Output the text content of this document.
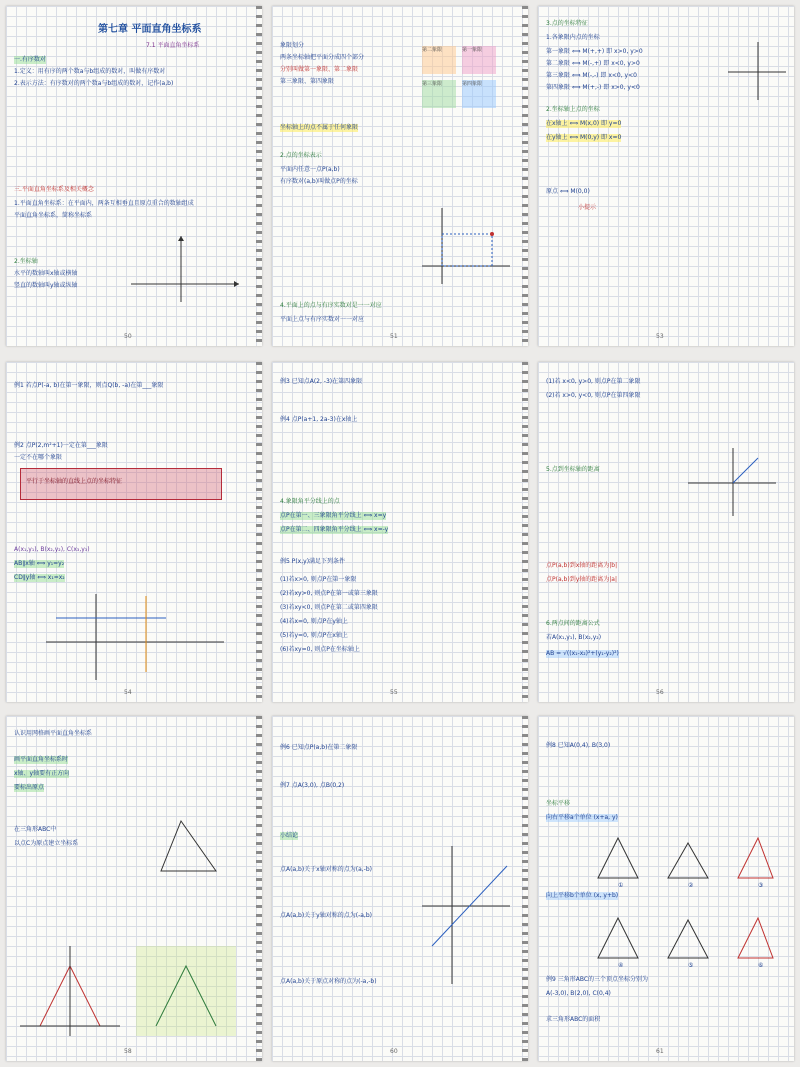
第七章 平面直角坐标系
7.1 平面直角坐标系
一.有序数对
1.定义：用有序的两个数a与b组成的数对，叫做有序数对
2.表示方法：有序数对的两个数a与b组成的数对，记作(a,b)
三.平面直角坐标系及相关概念
1.平面直角坐标系：在平面内，两条互相垂直且原点重合的数轴组成
平面直角坐标系，简称坐标系
2.坐标轴
水平的数轴叫x轴或横轴
竖直的数轴叫y轴或纵轴
50
象限划分
两条坐标轴把平面分成四个部分
分别叫做第一象限、第二象限
第三象限、第四象限
坐标轴上的点不属于任何象限
2.点的坐标表示
平面内任意一点P(a,b)
有序数对(a,b)叫做点P的坐标
4.平面上的点与有序实数对是一一对应
平面上点与有序实数对一一对应
第一象限
第二象限
第三象限	第四象限
51
3.点的坐标特征
1.各象限内点的坐标
第一象限 ⟺ M(+,+) 即 x>0, y>0
第二象限 ⟺ M(-,+) 即 x<0, y>0
第三象限 ⟺ M(-,-) 即 x<0, y<0
第四象限 ⟺ M(+,-) 即 x>0, y<0
2.坐标轴上点的坐标
在x轴上 ⟺ M(x,0) 即 y=0
在y轴上 ⟺ M(0,y) 即 x=0
原点 ⟺ M(0,0)
小提示
53
例1 若点P(-a, b)在第一象限，则点Q(b, -a)在第___象限
例2 点P(2,m²+1)一定在第___象限
一定不在哪个象限
平行于坐标轴的直线上点的坐标特征
A(x₁,y₁), B(x₂,y₂), C(x₃,y₃)
AB∥x轴 ⟺ y₁=y₂
CD∥y轴 ⟺ x₁=x₂
54
例3 已知点A(2, -3)在第四象限
例4 点P(a+1, 2a-3)在x轴上
4.象限角平分线上的点
点P在第一、三象限角平分线上 ⟺ x=y
点P在第二、四象限角平分线上 ⟺ x=-y
例5 P(x,y)满足下列条件
(1)若x>0, 则点P在第一象限
(2)若xy>0, 则点P在第一或第三象限
(3)若xy<0, 则点P在第二或第四象限
(4)若x=0, 则点P在y轴上
(5)若y=0, 则点P在x轴上
(6)若xy=0, 则点P在坐标轴上
55
(1)若 x<0, y>0, 则点P在第二象限
(2)若 x>0, y<0, 则点P在第四象限
5.点到坐标轴的距离
点P(a,b)到x轴的距离为|b|
点P(a,b)到y轴的距离为|a|
6.两点间的距离公式
若A(x₁,y₁), B(x₂,y₂)
AB = √((x₁-x₂)²+(y₁-y₂)²)
56
认识用网格画平面直角坐标系
画平面直角坐标系时
x轴、y轴要有正方向
要标出原点
在三角形ABC中
以点C为原点建立坐标系
58
例6 已知点P(a,b)在第二象限
例7 点A(3,0), 点B(0,2)
小结论
点A(a,b)关于x轴对称的点为(a,-b)
点A(a,b)关于y轴对称的点为(-a,b)
点A(a,b)关于原点对称的点为(-a,-b)
60
例8 已知A(0,4), B(3,0)
坐标平移
向右平移a个单位 (x+a, y)
向上平移b个单位 (x, y+b)
例9 三角形ABC的三个顶点坐标分别为
A(-3,0), B(2,0), C(0,4)
求三角形ABC的面积
①	②	③
④	⑤	⑥
61
